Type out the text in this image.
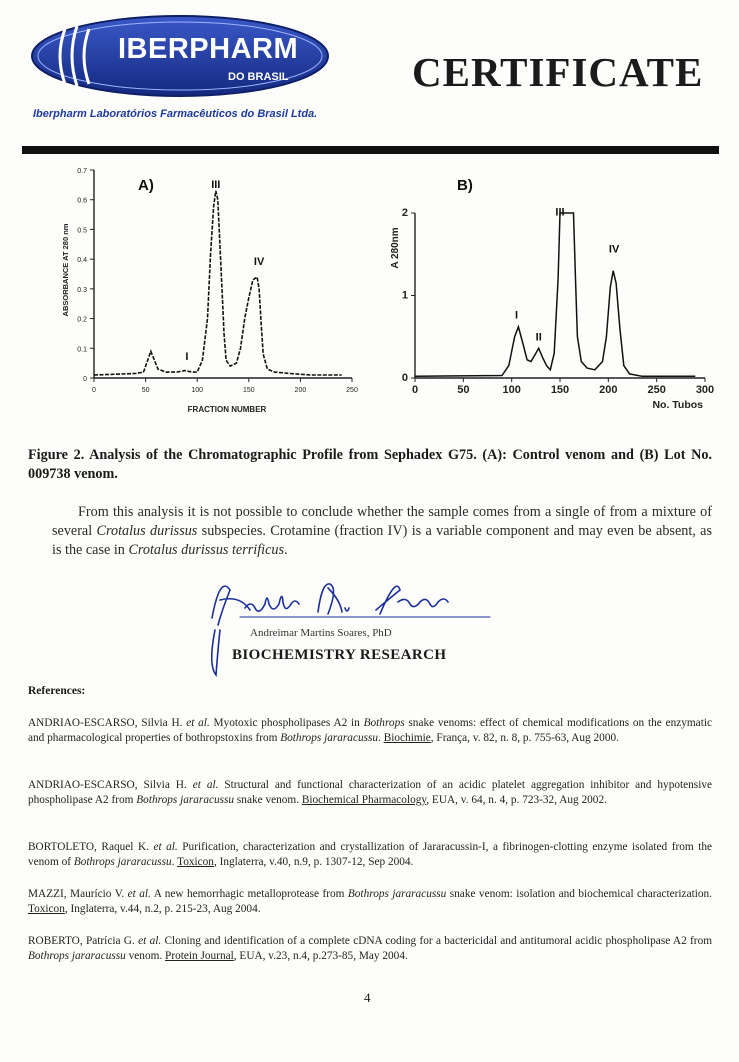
IBERPHARM
DO BRASIL
Iberpharm Laboratórios Farmacêuticos do Brasil Ltda.
CERTIFICATE
0	50	100	150	200	250
0
0.1
0.2
0.3
0.4
0.5
0.6
0.7
I
III
IV
A)
FRACTION NUMBER
ABSORBANCE AT 280 nm
0	50	100	150	200	250	300
0
1
2
I
II
III
IV
B)
No. Tubos
A 280nm
Figure 2. Analysis of the Chromatographic Profile from Sephadex G75. (A): Control venom and (B) Lot No. 009738 venom.
From this analysis it is not possible to conclude whether the sample comes from a single of from a mixture of several Crotalus durissus subspecies. Crotamine (fraction IV) is a variable component and may even be absent, as is the case in Crotalus durissus terrificus.
Andreimar Martins Soares, PhD
BIOCHEMISTRY RESEARCH
References:
ANDRIAO-ESCARSO, Silvia H. et al. Myotoxic phospholipases A2 in Bothrops snake venoms: effect of chemical modifications on the enzymatic and pharmacological properties of bothropstoxins from Bothrops jararacussu. Biochimie, França, v. 82, n. 8, p. 755-63, Aug 2000.
ANDRIAO-ESCARSO, Silvia H. et al. Structural and functional characterization of an acidic platelet aggregation inhibitor and hypotensive phospholipase A2 from Bothrops jararacussu snake venom. Biochemical Pharmacology, EUA, v. 64, n. 4, p. 723-32, Aug 2002.
BORTOLETO, Raquel K. et al. Purification, characterization and crystallization of Jararacussin-I, a fibrinogen-clotting enzyme isolated from the venom of Bothrops jararacussu. Toxicon, Inglaterra, v.40, n.9, p. 1307-12, Sep 2004.
MAZZI, Maurício V. et al. A new hemorrhagic metalloprotease from Bothrops jararacussu snake venom: isolation and biochemical characterization. Toxicon, Inglaterra, v.44, n.2, p. 215-23, Aug 2004.
ROBERTO, Patrícia G. et al. Cloning and identification of a complete cDNA coding for a bactericidal and antitumoral acidic phospholipase A2 from Bothrops jararacussu venom. Protein Journal, EUA, v.23, n.4, p.273-85, May 2004.
4
